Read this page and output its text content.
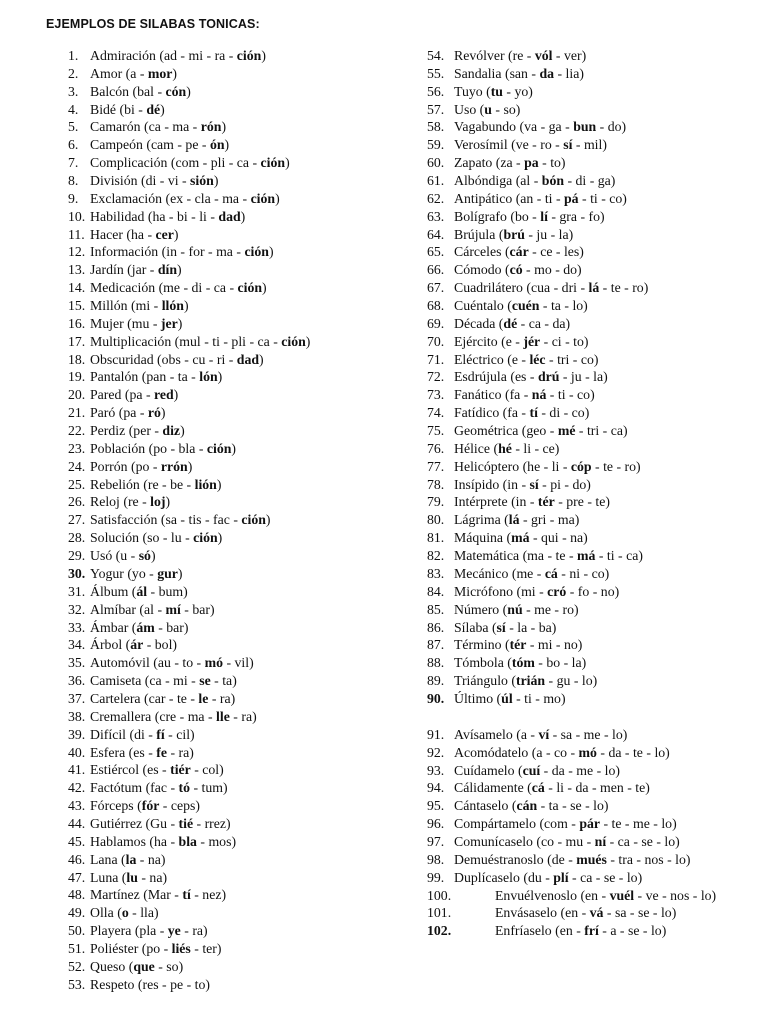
EJEMPLOS DE SILABAS TONICAS:
1. Admiración (ad - mi - ra - ción)
2. Amor (a - mor)
3. Balcón (bal - cón)
4. Bidé (bi - dé)
5. Camarón (ca - ma - rón)
6. Campeón (cam - pe - ón)
7. Complicación (com - pli - ca - ción)
8. División (di - vi - sión)
9. Exclamación (ex - cla - ma - ción)
10. Habilidad (ha - bi - li - dad)
11. Hacer (ha - cer)
12. Información (in - for - ma - ción)
13. Jardín (jar - dín)
14. Medicación (me - di - ca - ción)
15. Millón (mi - llón)
16. Mujer (mu - jer)
17. Multiplicación (mul - ti - pli - ca - ción)
18. Obscuridad (obs - cu - ri - dad)
19. Pantalón (pan - ta - lón)
20. Pared (pa - red)
21. Paró (pa - ró)
22. Perdiz (per - diz)
23. Población (po - bla - ción)
24. Porrón (po - rrón)
25. Rebelión (re - be - lión)
26. Reloj (re - loj)
27. Satisfacción (sa - tis - fac - ción)
28. Solución (so - lu - ción)
29. Usó (u - só)
30. Yogur (yo - gur)
31. Álbum (ál - bum)
32. Almíbar (al - mí - bar)
33. Ámbar (ám - bar)
34. Árbol (ár - bol)
35. Automóvil (au - to - mó - vil)
36. Camiseta (ca - mi - se - ta)
37. Cartelera (car - te - le - ra)
38. Cremallera (cre - ma - lle - ra)
39. Difícil (di - fí - cil)
40. Esfera (es - fe - ra)
41. Estiércol (es - tiér - col)
42. Factótum (fac - tó - tum)
43. Fórceps (fór - ceps)
44. Gutiérrez (Gu - tié - rrez)
45. Hablamos (ha - bla - mos)
46. Lana (la - na)
47. Luna (lu - na)
48. Martínez (Mar - tí - nez)
49. Olla (o - lla)
50. Playera (pla - ye - ra)
51. Poliéster (po - liés - ter)
52. Queso (que - so)
53. Respeto (res - pe - to)
54. Revólver (re - vól - ver)
55. Sandalia (san - da - lia)
56. Tuyo (tu - yo)
57. Uso (u - so)
58. Vagabundo (va - ga - bun - do)
59. Verosímil (ve - ro - sí - mil)
60. Zapato (za - pa - to)
61. Albóndiga (al - bón - di - ga)
62. Antipático (an - ti - pá - ti - co)
63. Bolígrafo (bo - lí - gra - fo)
64. Brújula (brú - ju - la)
65. Cárceles (cár - ce - les)
66. Cómodo (có - mo - do)
67. Cuadrilátero (cua - dri - lá - te - ro)
68. Cuéntalo (cuén - ta - lo)
69. Década (dé - ca - da)
70. Ejército (e - jér - ci - to)
71. Eléctrico (e - léc - tri - co)
72. Esdrújula (es - drú - ju - la)
73. Fanático (fa - ná - ti - co)
74. Fatídico (fa - tí - di - co)
75. Geométrica (geo - mé - tri - ca)
76. Hélice (hé - li - ce)
77. Helicóptero (he - li - cóp - te - ro)
78. Insípido (in - sí - pi - do)
79. Intérprete (in - tér - pre - te)
80. Lágrima (lá - gri - ma)
81. Máquina (má - qui - na)
82. Matemática (ma - te - má - ti - ca)
83. Mecánico (me - cá - ni - co)
84. Micrófono (mi - cró - fo - no)
85. Número (nú - me - ro)
86. Sílaba (sí - la - ba)
87. Término (tér - mi - no)
88. Tómbola (tóm - bo - la)
89. Triángulo (trián - gu - lo)
90. Último (úl - ti - mo)
91. Avísamelo (a - ví - sa - me - lo)
92. Acomódatelo (a - co - mó - da - te - lo)
93. Cuídamelo (cuí - da - me - lo)
94. Cálidamente (cá - li - da - men - te)
95. Cántaselo (cán - ta - se - lo)
96. Compártamelo (com - pár - te - me - lo)
97. Comunícaselo (co - mu - ní - ca - se - lo)
98. Demuéstranoslo (de - mués - tra - nos - lo)
99. Duplícaselo (du - plí - ca - se - lo)
100.	Envuélvenoslo (en - vuél - ve - nos - lo)
101.	Envásaselo (en - vá - sa - se - lo)
102.	Enfríaselo (en - frí - a - se - lo)
